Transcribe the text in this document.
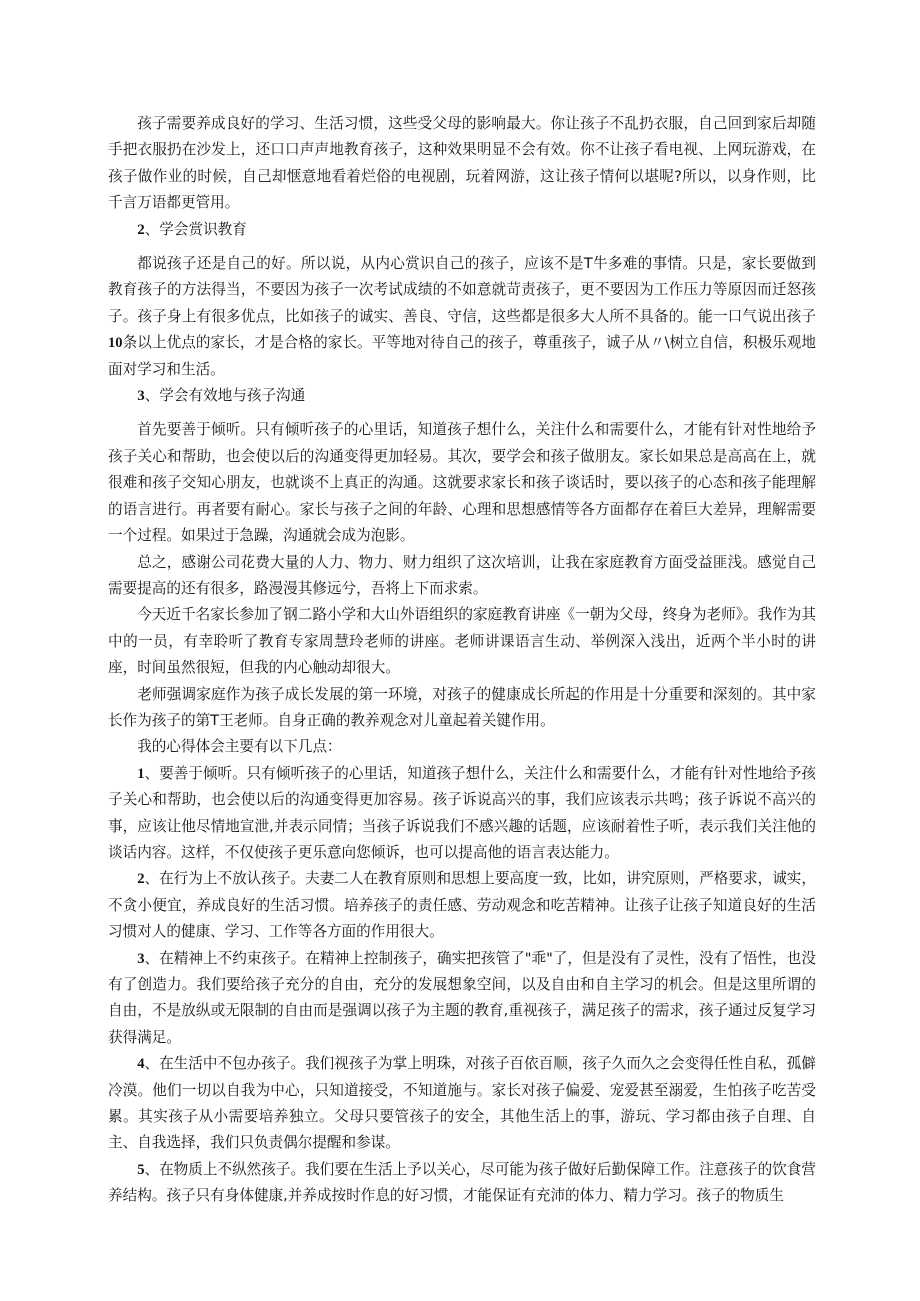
孩子需要养成良好的学习、生活习惯，这些受父母的影响最大。你让孩子不乱扔衣服，自己回到家后却随手把衣服扔在沙发上，还口口声声地教育孩子，这种效果明显不会有效。你不让孩子看电视、上网玩游戏，在孩子做作业的时候，自己却惬意地看着烂俗的电视剧，玩着网游，这让孩子情何以堪呢?所以，以身作则，比千言万语都更管用。

2、学会赏识教育

都说孩子还是自己的好。所以说，从内心赏识自己的孩子，应该不是T牛多难的事情。只是，家长要做到教育孩子的方法得当，不要因为孩子一次考试成绩的不如意就苛责孩子，更不要因为工作压力等原因而迁怒孩子。孩子身上有很多优点，比如孩子的诚实、善良、守信，这些都是很多大人所不具备的。能一口气说出孩子10条以上优点的家长，才是合格的家长。平等地对待自己的孩子，尊重孩子，诚子从〃\树立自信，积极乐观地面对学习和生活。

3、学会有效地与孩子沟通

首先要善于倾听。只有倾听孩子的心里话，知道孩子想什么，关注什么和需要什么，才能有针对性地给予孩子关心和帮助，也会使以后的沟通变得更加轻易。其次，要学会和孩子做朋友。家长如果总是高高在上，就很难和孩子交知心朋友，也就谈不上真正的沟通。这就要求家长和孩子谈话时，要以孩子的心态和孩子能理解的语言进行。再者要有耐心。家长与孩子之间的年龄、心理和思想感情等各方面都存在着巨大差异，理解需要一个过程。如果过于急躁，沟通就会成为泡影。

总之，感谢公司花费大量的人力、物力、财力组织了这次培训，让我在家庭教育方面受益匪浅。感觉自己需要提高的还有很多，路漫漫其修远兮，吾将上下而求索。

今天近千名家长参加了钢二路小学和大山外语组织的家庭教育讲座《一朝为父母，终身为老师》。我作为其中的一员，有幸聆听了教育专家周慧玲老师的讲座。老师讲课语言生动、举例深入浅出，近两个半小时的讲座，时间虽然很短，但我的内心触动却很大。

老师强调家庭作为孩子成长发展的第一环境，对孩子的健康成长所起的作用是十分重要和深刻的。其中家长作为孩子的第T王老师。自身正确的教养观念对儿童起着关键作用。

我的心得体会主要有以下几点：

1、要善于倾听。只有倾听孩子的心里话，知道孩子想什么，关注什么和需要什么，才能有针对性地给予孩子关心和帮助，也会使以后的沟通变得更加容易。孩子诉说高兴的事，我们应该表示共鸣；孩子诉说不高兴的事，应该让他尽情地宣泄,并表示同情；当孩子诉说我们不感兴趣的话题，应该耐着性子听，表示我们关注他的谈话内容。这样，不仅使孩子更乐意向您倾诉，也可以提高他的语言表达能力。

2、在行为上不放认孩子。夫妻二人在教育原则和思想上要高度一致，比如，讲究原则，严格要求，诚实，不贪小便宜，养成良好的生活习惯。培养孩子的责任感、劳动观念和吃苦精神。让孩子让孩子知道良好的生活习惯对人的健康、学习、工作等各方面的作用很大。

3、在精神上不约束孩子。在精神上控制孩子，确实把孩管了"乖"了，但是没有了灵性，没有了悟性，也没有了创造力。我们要给孩子充分的自由，充分的发展想象空间，以及自由和自主学习的机会。但是这里所谓的自由，不是放纵或无限制的自由而是强调以孩子为主题的教育,重视孩子，满足孩子的需求，孩子通过反复学习获得满足。

4、在生活中不包办孩子。我们视孩子为掌上明珠，对孩子百依百顺，孩子久而久之会变得任性自私，孤僻冷漠。他们一切以自我为中心，只知道接受，不知道施与。家长对孩子偏爱、宠爱甚至溺爱，生怕孩子吃苦受累。其实孩子从小需要培养独立。父母只要管孩子的安全，其他生活上的事，游玩、学习都由孩子自理、自主、自我选择，我们只负责偶尔提醒和参谋。

5、在物质上不纵然孩子。我们要在生活上予以关心，尽可能为孩子做好后勤保障工作。注意孩子的饮食营养结构。孩子只有身体健康,并养成按时作息的好习惯，才能保证有充沛的体力、精力学习。孩子的物质生
